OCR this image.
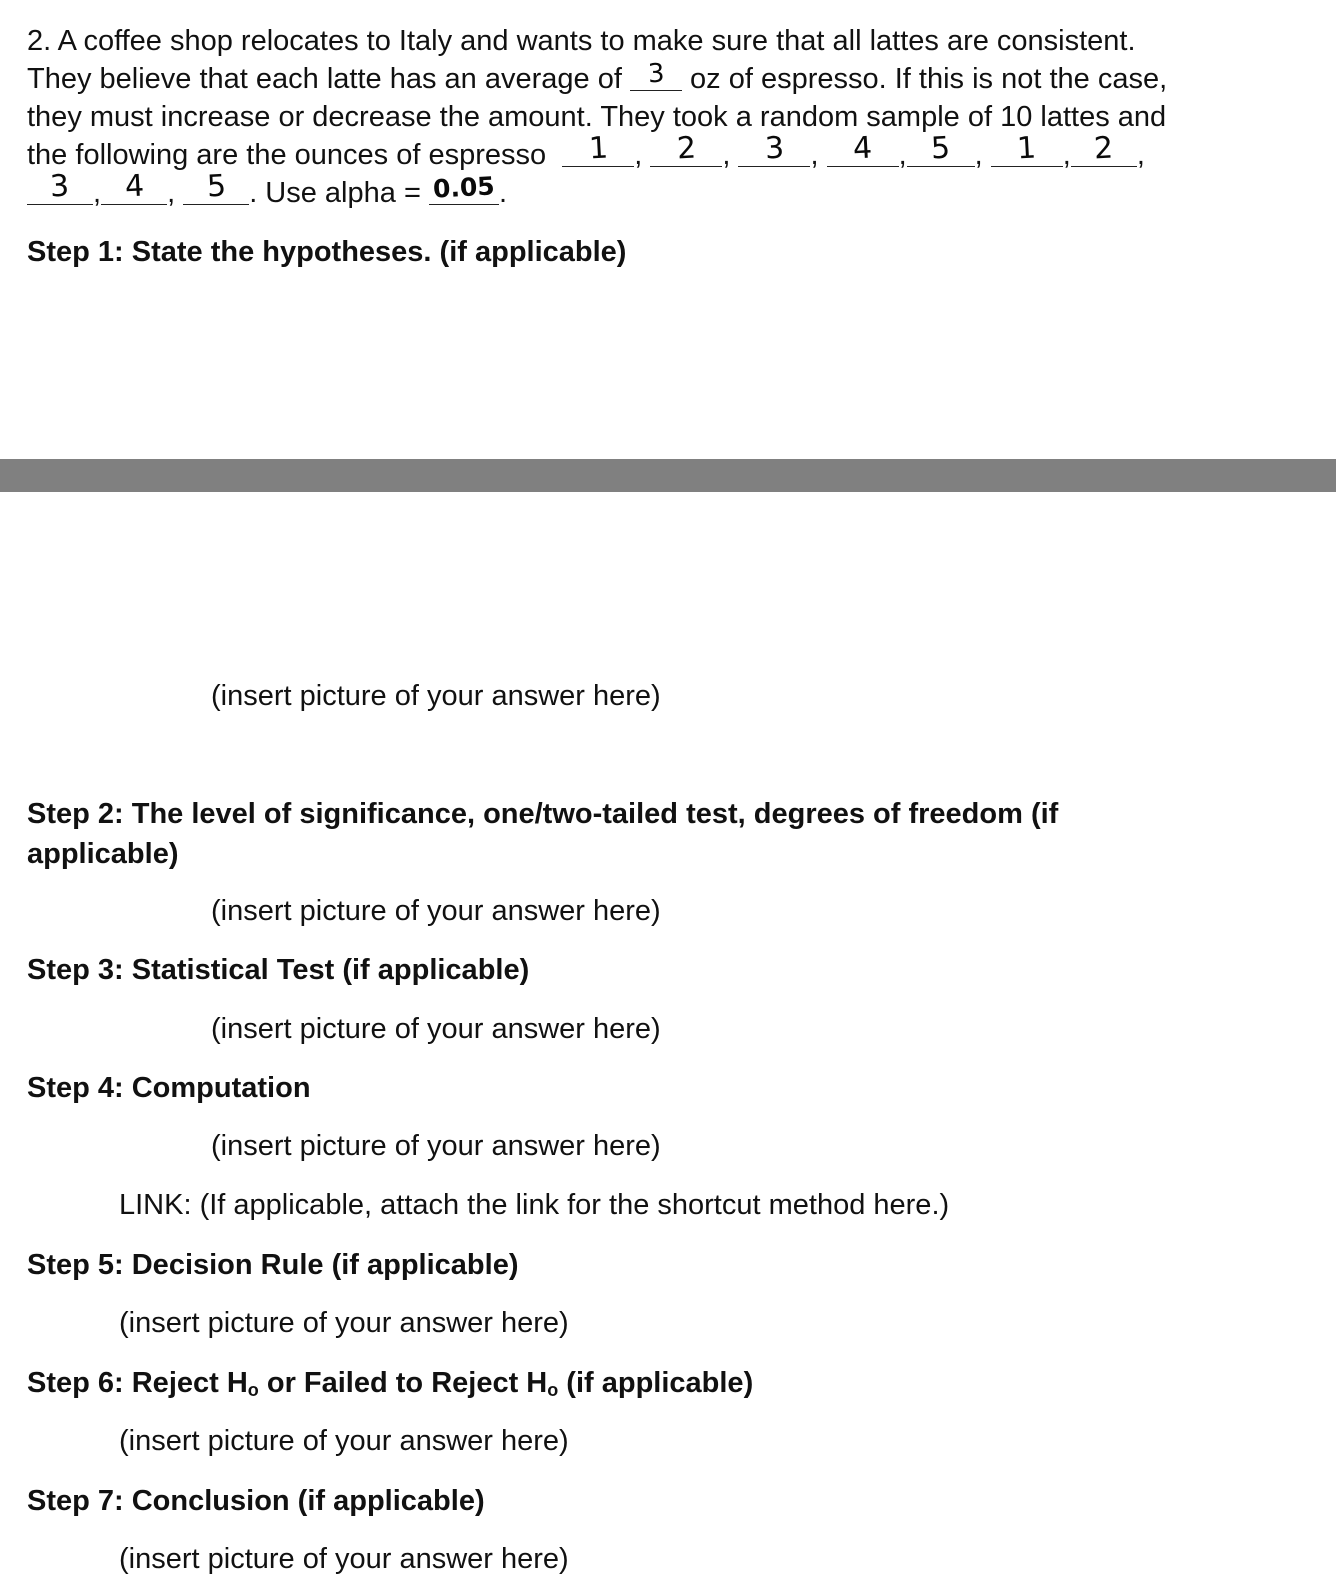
2. A coffee shop relocates to Italy and wants to make sure that all lattes are consistent.
They believe that each latte has an average of 3 oz of espresso. If this is not the case,
they must increase or decrease the amount. They took a random sample of 10 lattes and
the following are the ounces of espresso 1 , 2 , 3 , 4 , 5 , 1 , 2 ,
3 , 4 , 5 . Use alpha = 0.05 .
Step 1: State the hypotheses. (if applicable)
(insert picture of your answer here)
Step 2: The level of significance, one/two-tailed test, degrees of freedom (if
applicable)
(insert picture of your answer here)
Step 3: Statistical Test (if applicable)
(insert picture of your answer here)
Step 4: Computation
(insert picture of your answer here)
LINK: (If applicable, attach the link for the shortcut method here.)
Step 5: Decision Rule (if applicable)
(insert picture of your answer here)
Step 6: Reject $H_o$ or Failed to Reject $H_o$ (if applicable)
(insert picture of your answer here)
Step 7: Conclusion (if applicable)
(insert picture of your answer here)
